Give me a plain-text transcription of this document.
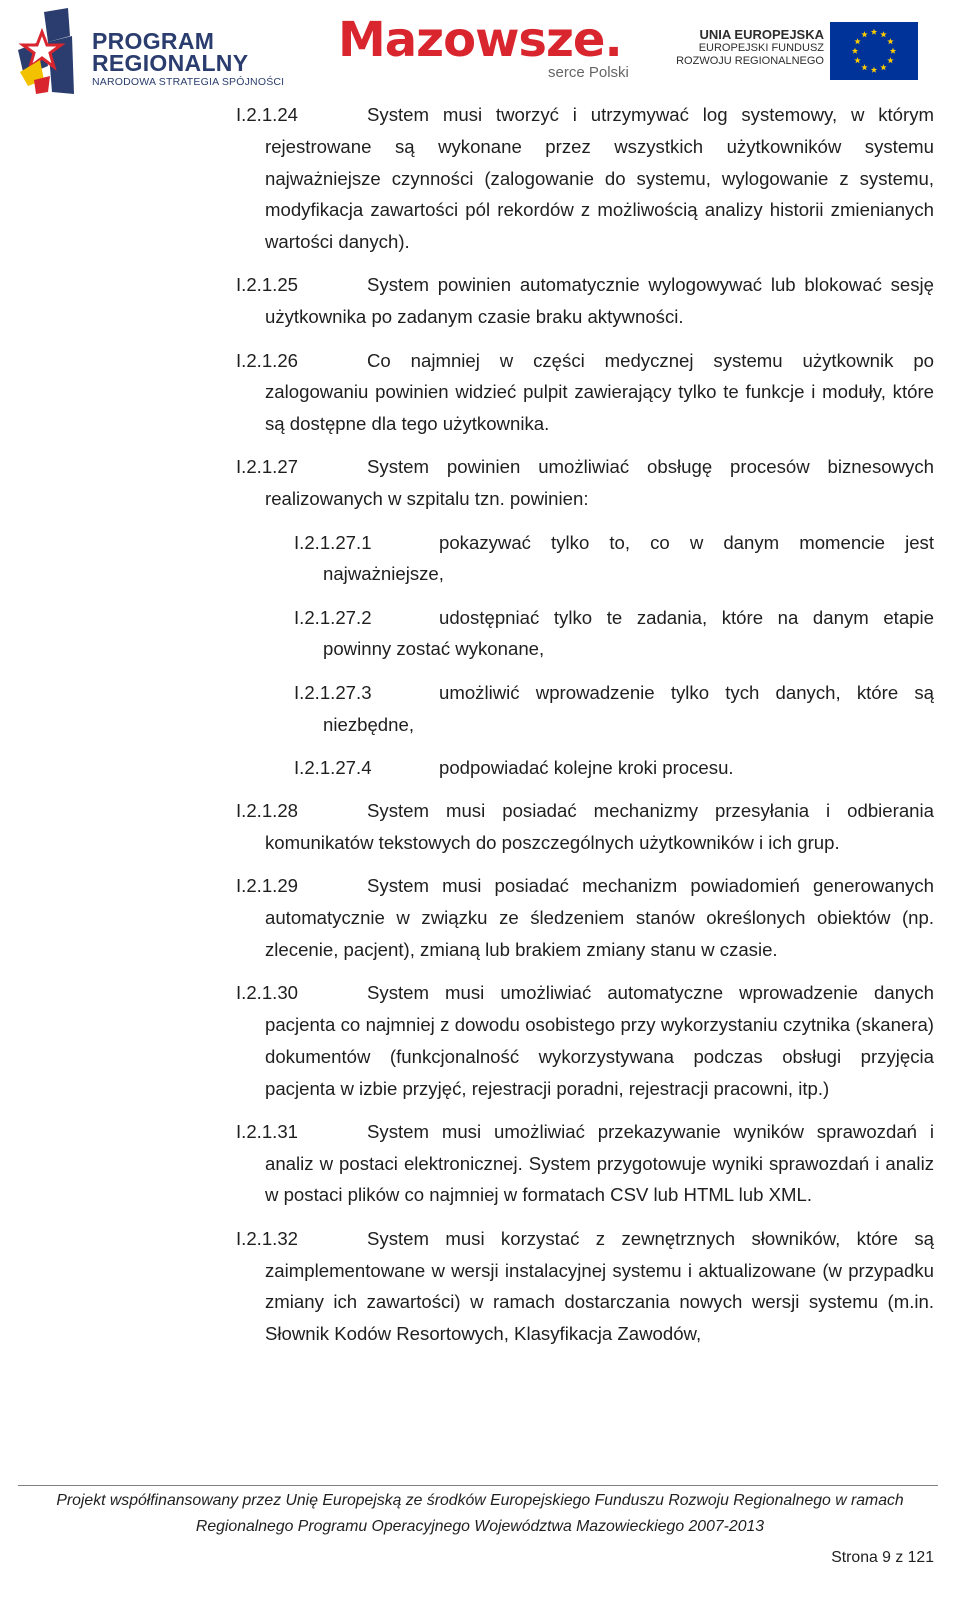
PROGRAM
REGIONALNY
NARODOWA STRATEGIA SPÓJNOŚCI
Mazowsze.
serce Polski
UNIA EUROPEJSKA
EUROPEJSKI FUNDUSZ
ROZWOJU REGIONALNEGO
I.2.1.24	System musi tworzyć i utrzymywać log systemowy, w którym rejestrowane są wykonane przez wszystkich użytkowników systemu najważniejsze czynności (zalogowanie do systemu, wylogowanie z systemu, modyfikacja zawartości pól rekordów z możliwością analizy historii zmienianych wartości danych).
I.2.1.25	System powinien automatycznie wylogowywać lub blokować sesję użytkownika po zadanym czasie braku aktywności.
I.2.1.26	Co najmniej w części medycznej systemu użytkownik po zalogowaniu powinien widzieć pulpit zawierający tylko te funkcje i moduły, które są dostępne dla tego użytkownika.
I.2.1.27	System powinien umożliwiać obsługę procesów biznesowych realizowanych w szpitalu tzn. powinien:
I.2.1.27.1	pokazywać tylko to, co w danym momencie jest najważniejsze,
I.2.1.27.2	udostępniać tylko te zadania, które na danym etapie powinny zostać wykonane,
I.2.1.27.3	umożliwić wprowadzenie tylko tych danych, które są niezbędne,
I.2.1.27.4	podpowiadać kolejne kroki procesu.
I.2.1.28	System musi posiadać mechanizmy przesyłania i odbierania komunikatów tekstowych do poszczególnych użytkowników i ich grup.
I.2.1.29	System musi posiadać mechanizm powiadomień generowanych automatycznie w związku ze śledzeniem stanów określonych obiektów (np. zlecenie, pacjent), zmianą lub brakiem zmiany stanu w czasie.
I.2.1.30	System musi umożliwiać automatyczne wprowadzenie danych pacjenta co najmniej z dowodu osobistego przy wykorzystaniu czytnika (skanera) dokumentów (funkcjonalność wykorzystywana podczas obsługi przyjęcia pacjenta w izbie przyjęć, rejestracji poradni, rejestracji pracowni, itp.)
I.2.1.31	System musi umożliwiać przekazywanie wyników sprawozdań i analiz w postaci elektronicznej. System przygotowuje wyniki sprawozdań i analiz w postaci plików co najmniej w formatach CSV lub HTML lub XML.
I.2.1.32	System musi korzystać z zewnętrznych słowników, które są zaimplementowane w wersji instalacyjnej systemu i aktualizowane (w przypadku zmiany ich zawartości) w ramach dostarczania nowych wersji systemu (m.in. Słownik Kodów Resortowych, Klasyfikacja Zawodów,
Projekt współfinansowany przez Unię Europejską ze środków Europejskiego Funduszu Rozwoju Regionalnego w ramach
Regionalnego Programu Operacyjnego Województwa Mazowieckiego 2007-2013
Strona 9 z 121
